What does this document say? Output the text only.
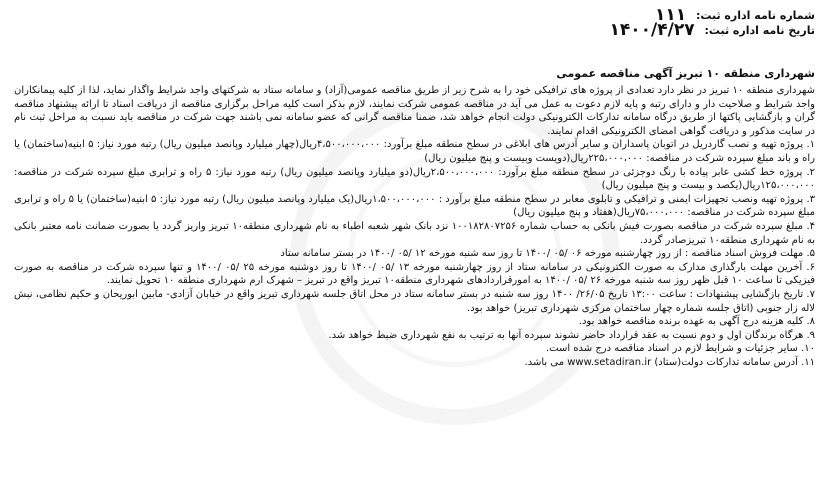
شماره نامه اداره ثبت: ۱۱۱
تاریخ نامه اداره ثبت: ۱۴۰۰/۴/۲۷
شهرداری منطقه ۱۰ تبریز آگهی مناقصه عمومی

شهرداری منطقه ۱۰ تبریز در نظر دارد تعدادی از پروژه های ترافیکی خود را به شرح زیر از طریق مناقصه عمومی(آزاد) و سامانه ستاد به شرکتهای واجد شرایط واگذار نماید، لذا از کلیه پیمانکاران واجد شرایط و صلاحیت دار و دارای رتبه و پایه لازم دعوت به عمل می آید در مناقصه عمومی شرکت نمایند، لازم بذکر است کلیه مراحل برگزاری مناقصه از دریافت اسناد تا ارائه پیشنهاد مناقصه گران و بازگشایی پاکتها از طریق درگاه سامانه تدارکات الکترونیکی دولت انجام خواهد شد، ضمنا مناقصه گرانی که عضو سامانه نمی باشند جهت شرکت در مناقصه باید نسبت به مراحل ثبت نام در سایت مذکور و دریافت گواهی امضای الکترونیکی اقدام نمایند.

۱. پروژه تهیه و نصب گاردریل در اتوبان پاسداران و سایر آدرس های ابلاغی در سطح منطقه مبلغ برآورد: ۴،۵۰۰،۰۰۰،۰۰۰ریال(چهار میلیارد وپانصد میلیون ریال) رتبه مورد نیاز: ۵ ابنیه(ساختمان) یا راه و باند مبلغ سپرده شرکت در مناقصه: ۲۲۵،۰۰۰،۰۰۰ریال(دویست وبیست و پنج میلیون ریال)

۲. پروژه خط کشی عابر پیاده با رنگ دوجزئی در سطح منطقه مبلغ برآورد: ۲،۵۰۰،۰۰۰،۰۰۰ریال(دو میلیارد وپانصد میلیون ریال) رتبه مورد نیاز: ۵ راه و ترابری مبلغ سپرده شرکت در مناقصه: ۱۲۵،۰۰۰،۰۰۰ریال(یکصد و بیست و پنج میلیون ریال)

۳. پروژه تهیه ونصب تجهیزات ایمنی و ترافیکی و تابلوی معابر در سطح منطقه مبلغ برآورد : ۱،۵۰۰،۰۰۰،۰۰۰ریال(یک میلیارد وپانصد میلیون ریال) رتبه مورد نیاز: ۵ ابنیه(ساختمان) یا ۵ راه و ترابری مبلغ سپرده شرکت در مناقصه: ۷۵،۰۰۰،۰۰۰ریال(هفتاد و پنج میلیون ریال)

۴. مبلغ سپرده شرکت در مناقصه بصورت فیش بانکی به حساب شماره ۱۰۰۱۸۲۸۰۷۲۵۶ نزد بانک شهر شعبه اطباء به نام شهرداری منطقه۱۰ تبریز واریز گردد یا بصورت ضمانت نامه معتبر بانکی به نام شهرداری منطقه۱۰ تبریزصادر گردد.

۵. مهلت فروش اسناد مناقصه : از روز چهارشنبه مورخه ۰۶ /۰۵ /۱۴۰۰ تا روز سه شنبه مورخه ۱۲ /۰۵ /۱۴۰۰ در بستر سامانه ستاد

۶. آخرین مهلت بارگذاری مدارک به صورت الکترونیکی در سامانه ستاد از روز چهارشنبه مورخه ۱۳ /۰۵ /۱۴۰۰ تا روز دوشنبه مورخه ۲۵ /۰۵ /۱۴۰۰ و تنها سپرده شرکت در مناقصه به صورت فیزیکی تا ساعت ۱۰ قبل ظهر روز سه شنبه مورخه ۲۶ /۰۵ /۱۴۰۰ به امورقراردادهای شهرداری منطقه۱۰ تبریز واقع در تبریز – شهرک ارم شهرداری منطقه ۱۰ تحویل نمایند.

۷. تاریخ بازگشایی پیشنهادات : ساعت ۱۳:۰۰ تاریخ ۲۶/۰۵/ ۱۴۰۰ روز سه شنبه در بستر سامانه ستاد در محل اتاق جلسه شهرداری تبریز واقع در خیابان آزادی- مابین ابوریحان و حکیم نظامی، نبش لاله زار جنوبی (اتاق جلسه شماره چهار ساختمان مرکزی شهرداری تبریز) خواهد بود.

۸. کلیه هزینه درج آگهی به عهده برنده مناقصه خواهد بود.

۹. هرگاه برندگان اول و دوم نسبت به عقد قرارداد حاضر نشوند سپرده آنها به ترتیب به نفع شهرداری ضبط خواهد شد.

۱۰. سایر جزئیات و شرایط لازم در اسناد مناقصه درج شده است.

۱۱. آدرس سامانه تدارکات دولت(ستاد) www.setadiran.ir می باشد.
